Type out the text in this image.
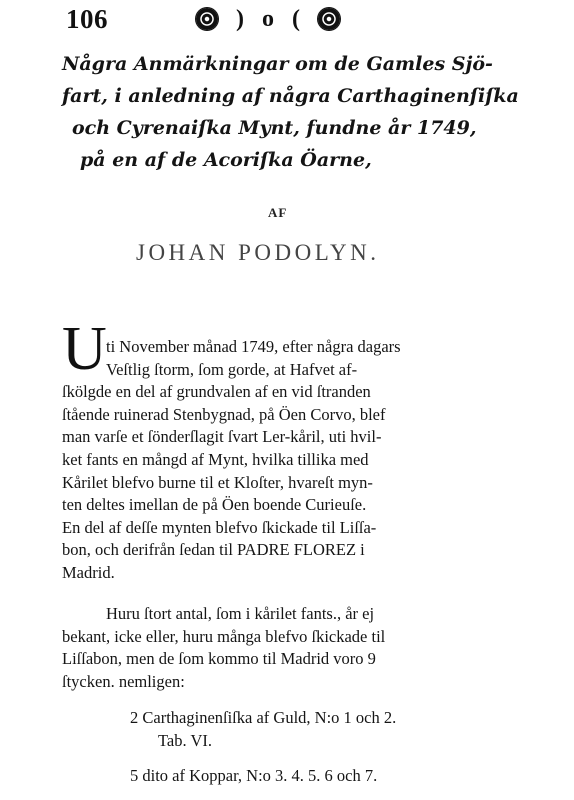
106	) o (
Några Anmärkningar om de Gamles Sjö-
fart, i anledning af några Carthaginenſiſka
och Cyrenaiſka Mynt, fundne år 1749,
på en af de Acoriſka Öarne,
AF
JOHAN PODOLYN.
U ti November månad 1749, efter några dagars
Veſtlig ſtorm, ſom gorde, at Hafvet af-
ſkölgde en del af grundvalen af en vid ſtranden
ſtående ruinerad Stenbygnad, på Öen Corvo, blef
man varſe et ſönderſlagit ſvart Ler-kåril, uti hvil-
ket fants en mångd af Mynt, hvilka tillika med
Kårilet blefvo burne til et Kloſter, hvareſt myn-
ten deltes imellan de på Öen boende Curieuſe.
En del af deſſe mynten blefvo ſkickade til Liſſa-
bon, och derifrån ſedan til PADRE FLOREZ i
Madrid.

Huru ſtort antal, ſom i kårilet fants., år ej
bekant, icke eller, huru många blefvo ſkickade til
Liſſabon, men de ſom kommo til Madrid voro 9
ſtycken. nemligen:

2 Carthaginenſiſka af Guld, N:o 1 och 2.
Tab. VI.
5 dito af Koppar, N:o 3. 4. 5. 6 och 7.
